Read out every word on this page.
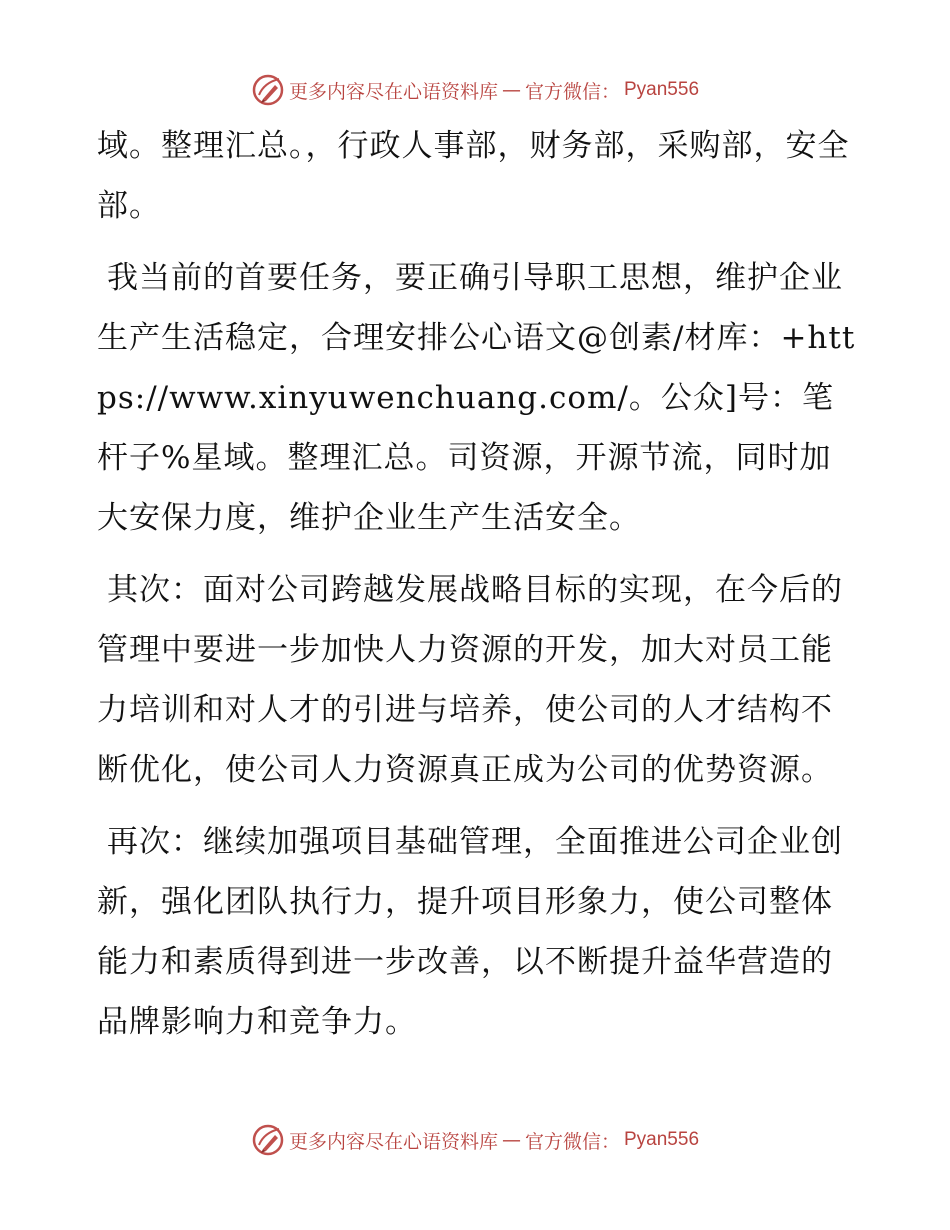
更多内容尽在心语资料库 — 官方微信： Pyan556

域。整理汇总。，行政人事部，财务部，采购部，安全部。

我当前的首要任务，要正确引导职工思想，维护企业生产生活稳定，合理安排公心语文@创素/材库：+https://www.xinyuwenchuang.com/。公众]号：笔杆子%星域。整理汇总。司资源，开源节流，同时加大安保力度，维护企业生产生活安全。

其次：面对公司跨越发展战略目标的实现，在今后的管理中要进一步加快人力资源的开发，加大对员工能力培训和对人才的引进与培养，使公司的人才结构不断优化，使公司人力资源真正成为公司的优势资源。

再次：继续加强项目基础管理，全面推进公司企业创新，强化团队执行力，提升项目形象力，使公司整体能力和素质得到进一步改善，以不断提升益华营造的品牌影响力和竞争力。

更多内容尽在心语资料库 — 官方微信： Pyan556
